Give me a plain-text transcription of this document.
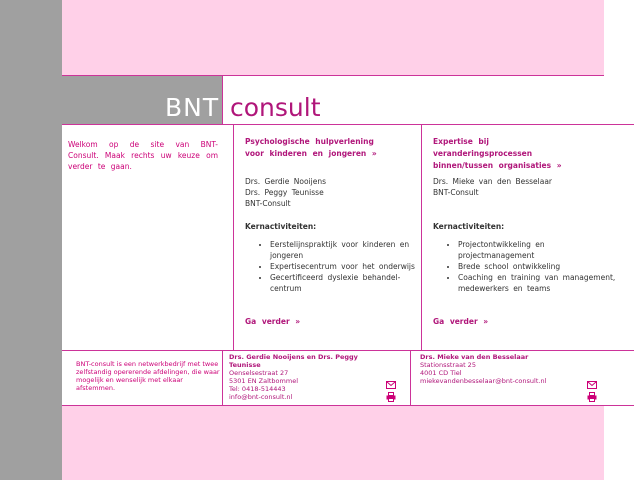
BNT consult
Welkom op de site van BNT-Consult. Maak rechts uw keuze om verder te gaan.
Psychologische hulpverlening voor kinderen en jongeren »
Drs. Gerdie Nooijens
Drs. Peggy Teunisse
BNT-Consult
Kernactiviteiten:
• Eerstelijnspraktijk voor kinderen en jongeren
• Expertisecentrum voor het onderwijs
• Gecertificeerd dyslexie behandel-centrum
Ga verder »
Expertise bij veranderingsprocessen binnen/tussen organisaties »
Drs. Mieke van den Besselaar
BNT-Consult
Kernactiviteiten:
• Projectontwikkeling en projectmanagement
• Brede school ontwikkeling
• Coaching en training van management, medewerkers en teams
Ga verder »
BNT-consult is een netwerkbedrijf met twee zelfstandig opererende afdelingen, die waar mogelijk en wenselijk met elkaar afstemmen.
Drs. Gerdie Nooijens en Drs. Peggy Teunisse
Oenselsestraat 27
5301 EN Zaltbommel
Tel: 0418-514443
info@bnt-consult.nl
Drs. Mieke van den Besselaar
Stationsstraat 25
4001 CD Tiel
miekevandenbesselaar@bnt-consult.nl
